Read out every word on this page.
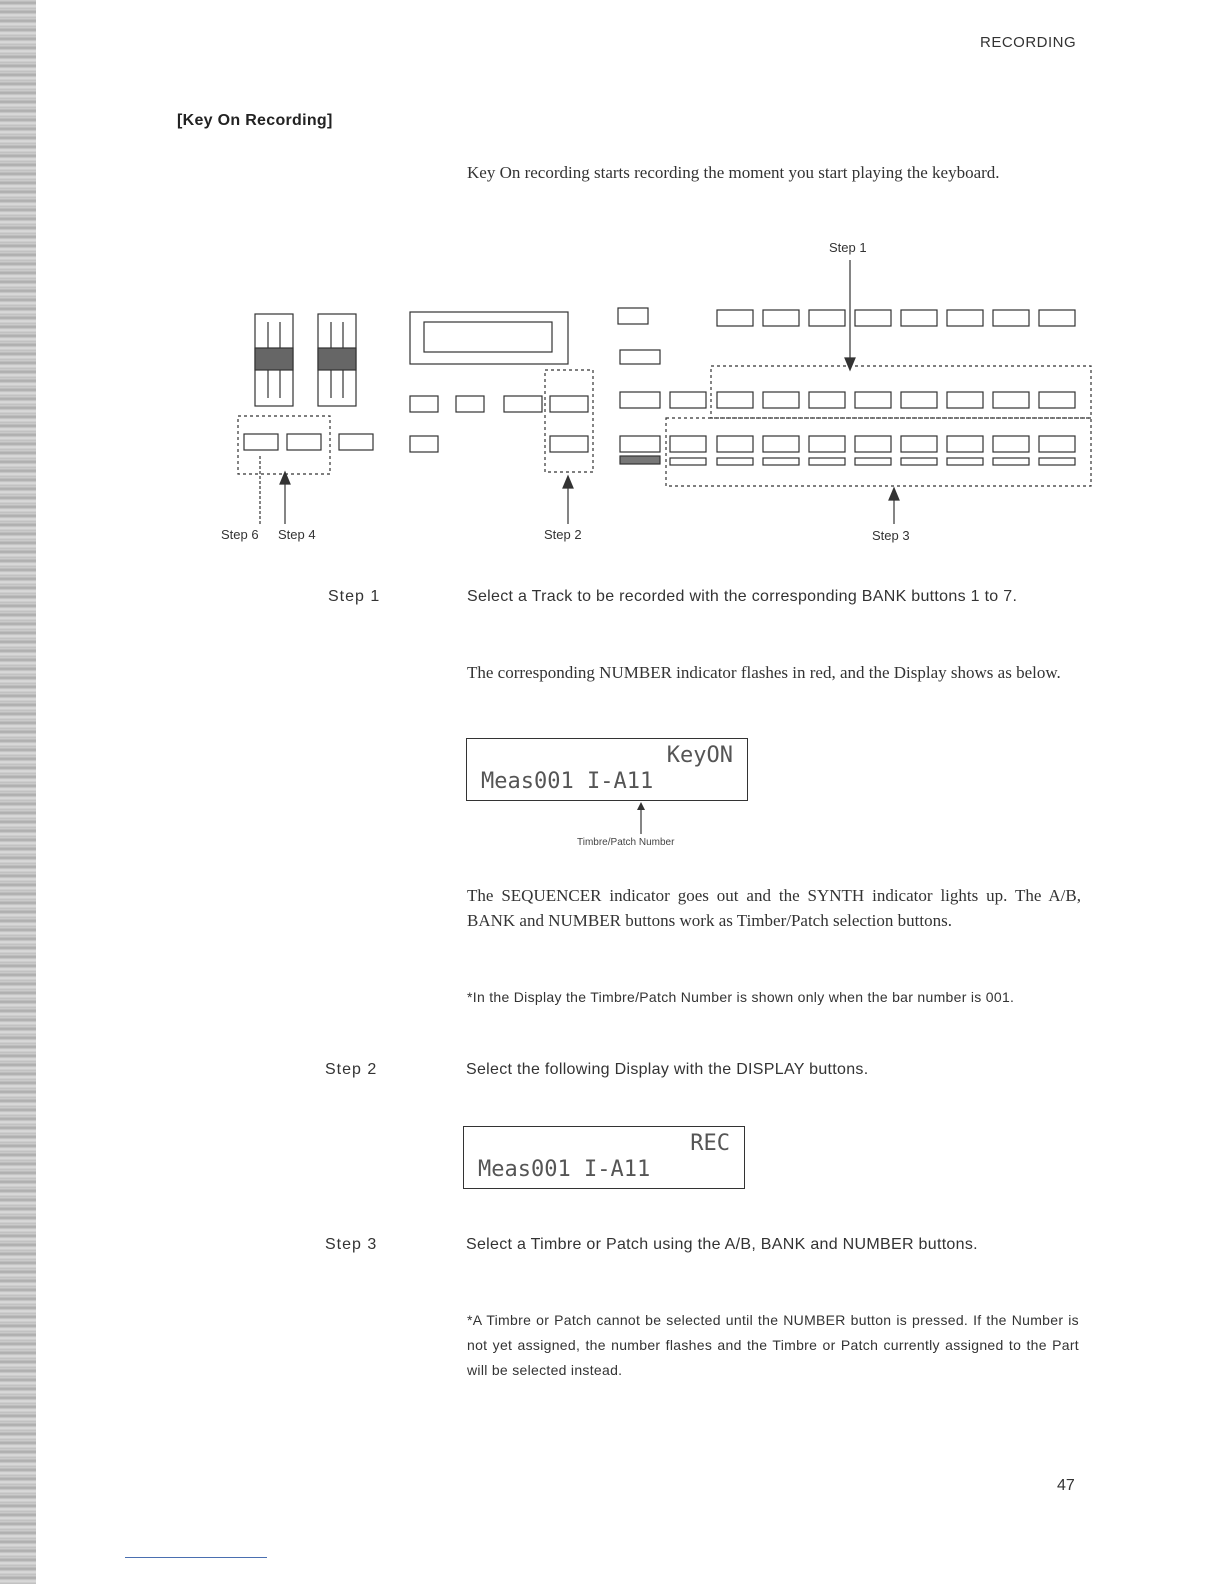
RECORDING
[Key On Recording]
Key On recording starts recording the moment you start playing the keyboard.
Step 1
Step 6 Step 4	Step 2	Step 3
Step 1	Select a Track to be recorded with the corresponding BANK buttons 1 to 7.
The corresponding NUMBER indicator flashes in red, and the Display shows as below.
KeyON
Meas001 I-A11
Timbre/Patch Number
The SEQUENCER indicator goes out and the SYNTH indicator lights up. The A/B, BANK and NUMBER buttons work as Timber/Patch selection buttons.
*In the Display the Timbre/Patch Number is shown only when the bar number is 001.
Step 2	Select the following Display with the DISPLAY buttons.
REC
Meas001 I-A11
Step 3	Select a Timbre or Patch using the A/B, BANK and NUMBER buttons.
*A Timbre or Patch cannot be selected until the NUMBER button is pressed. If the Number is not yet assigned, the number flashes and the Timbre or Patch currently assigned to the Part will be selected instead.
47
